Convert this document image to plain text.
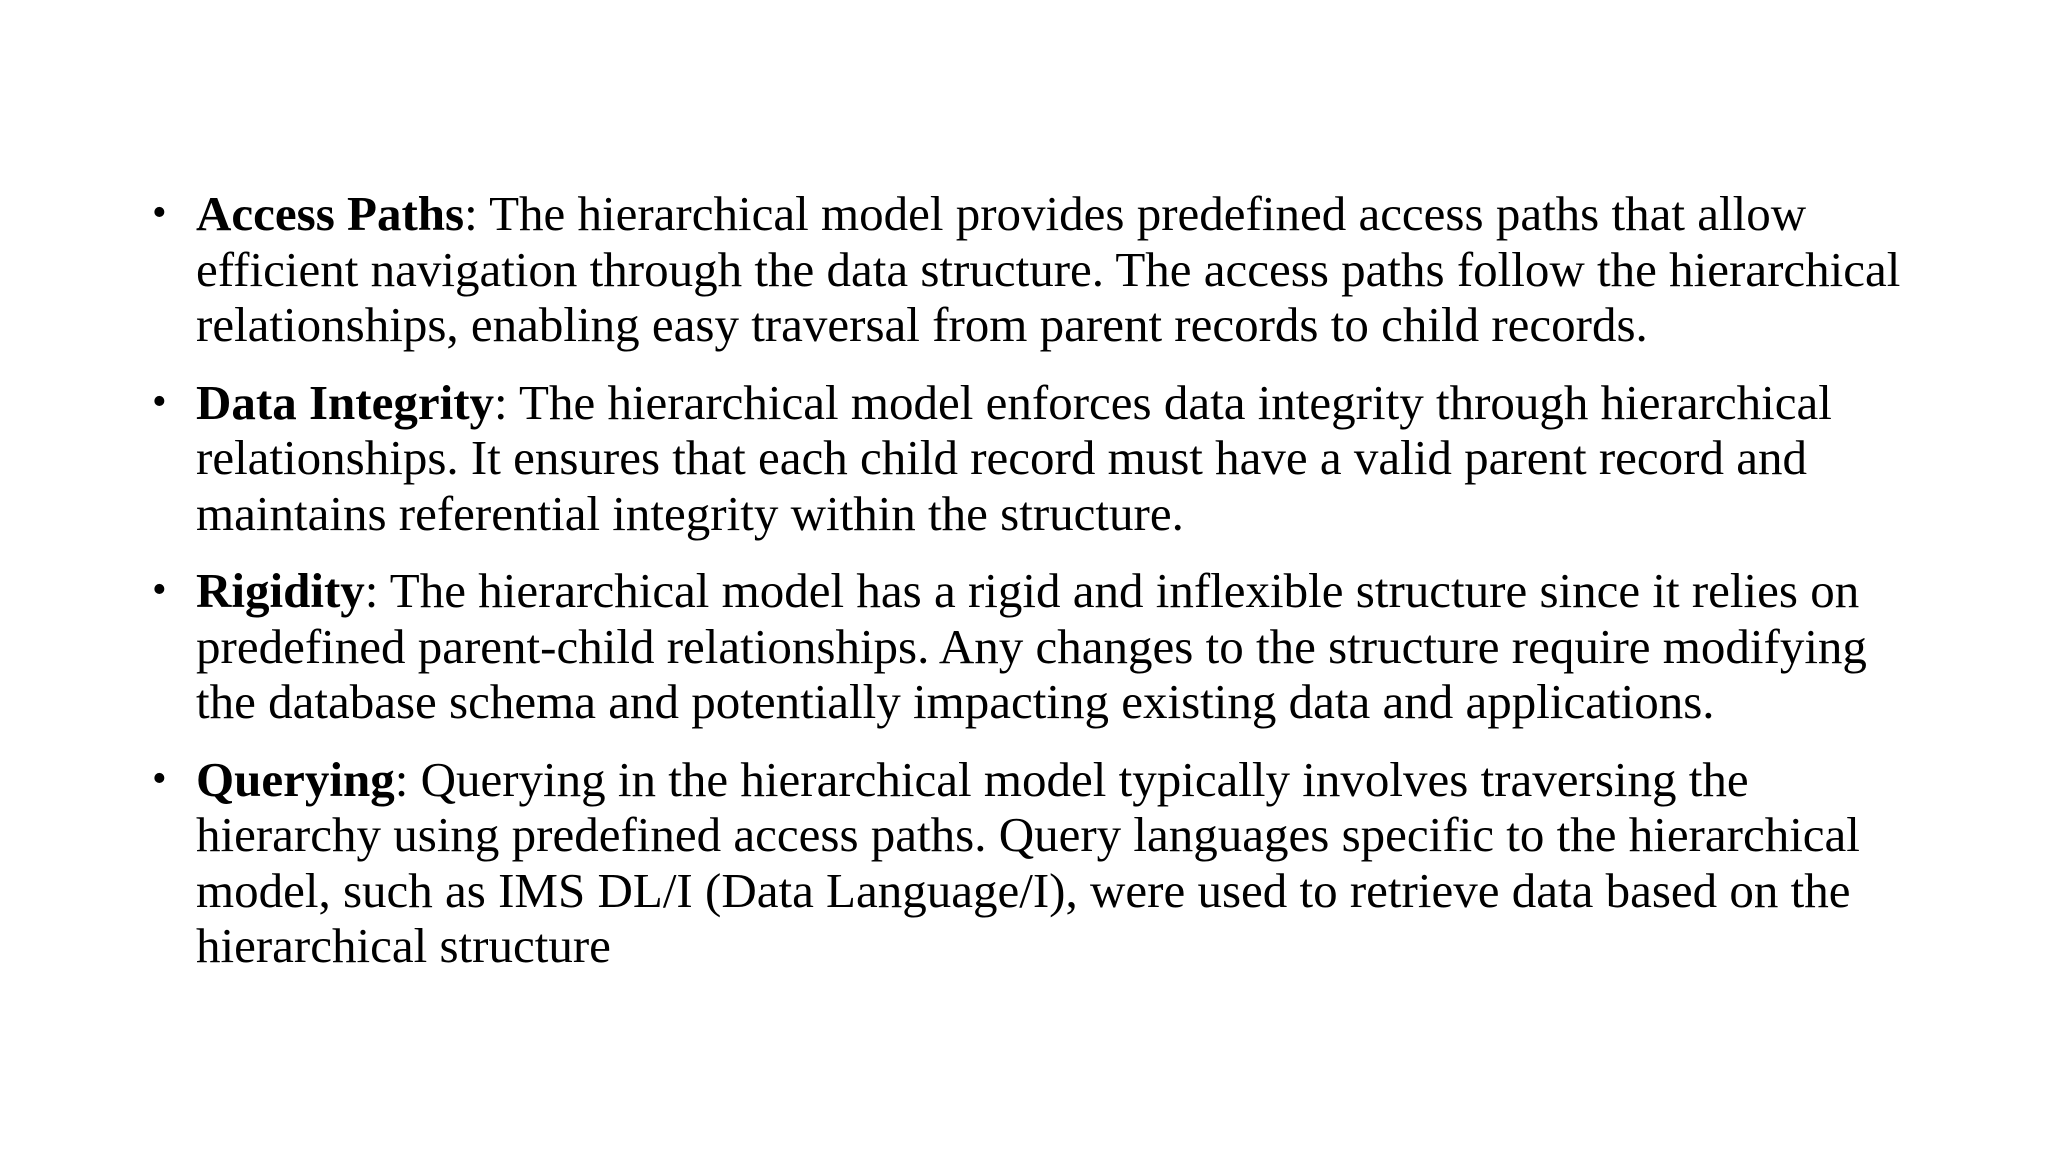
• Access Paths: The hierarchical model provides predefined access paths that allow efficient navigation through the data structure. The access paths follow the hierarchical relationships, enabling easy traversal from parent records to child records.
• Data Integrity: The hierarchical model enforces data integrity through hierarchical relationships. It ensures that each child record must have a valid parent record and maintains referential integrity within the structure.
• Rigidity: The hierarchical model has a rigid and inflexible structure since it relies on predefined parent-child relationships. Any changes to the structure require modifying the database schema and potentially impacting existing data and applications.
• Querying: Querying in the hierarchical model typically involves traversing the hierarchy using predefined access paths. Query languages specific to the hierarchical model, such as IMS DL/I (Data Language/I), were used to retrieve data based on the hierarchical structure
